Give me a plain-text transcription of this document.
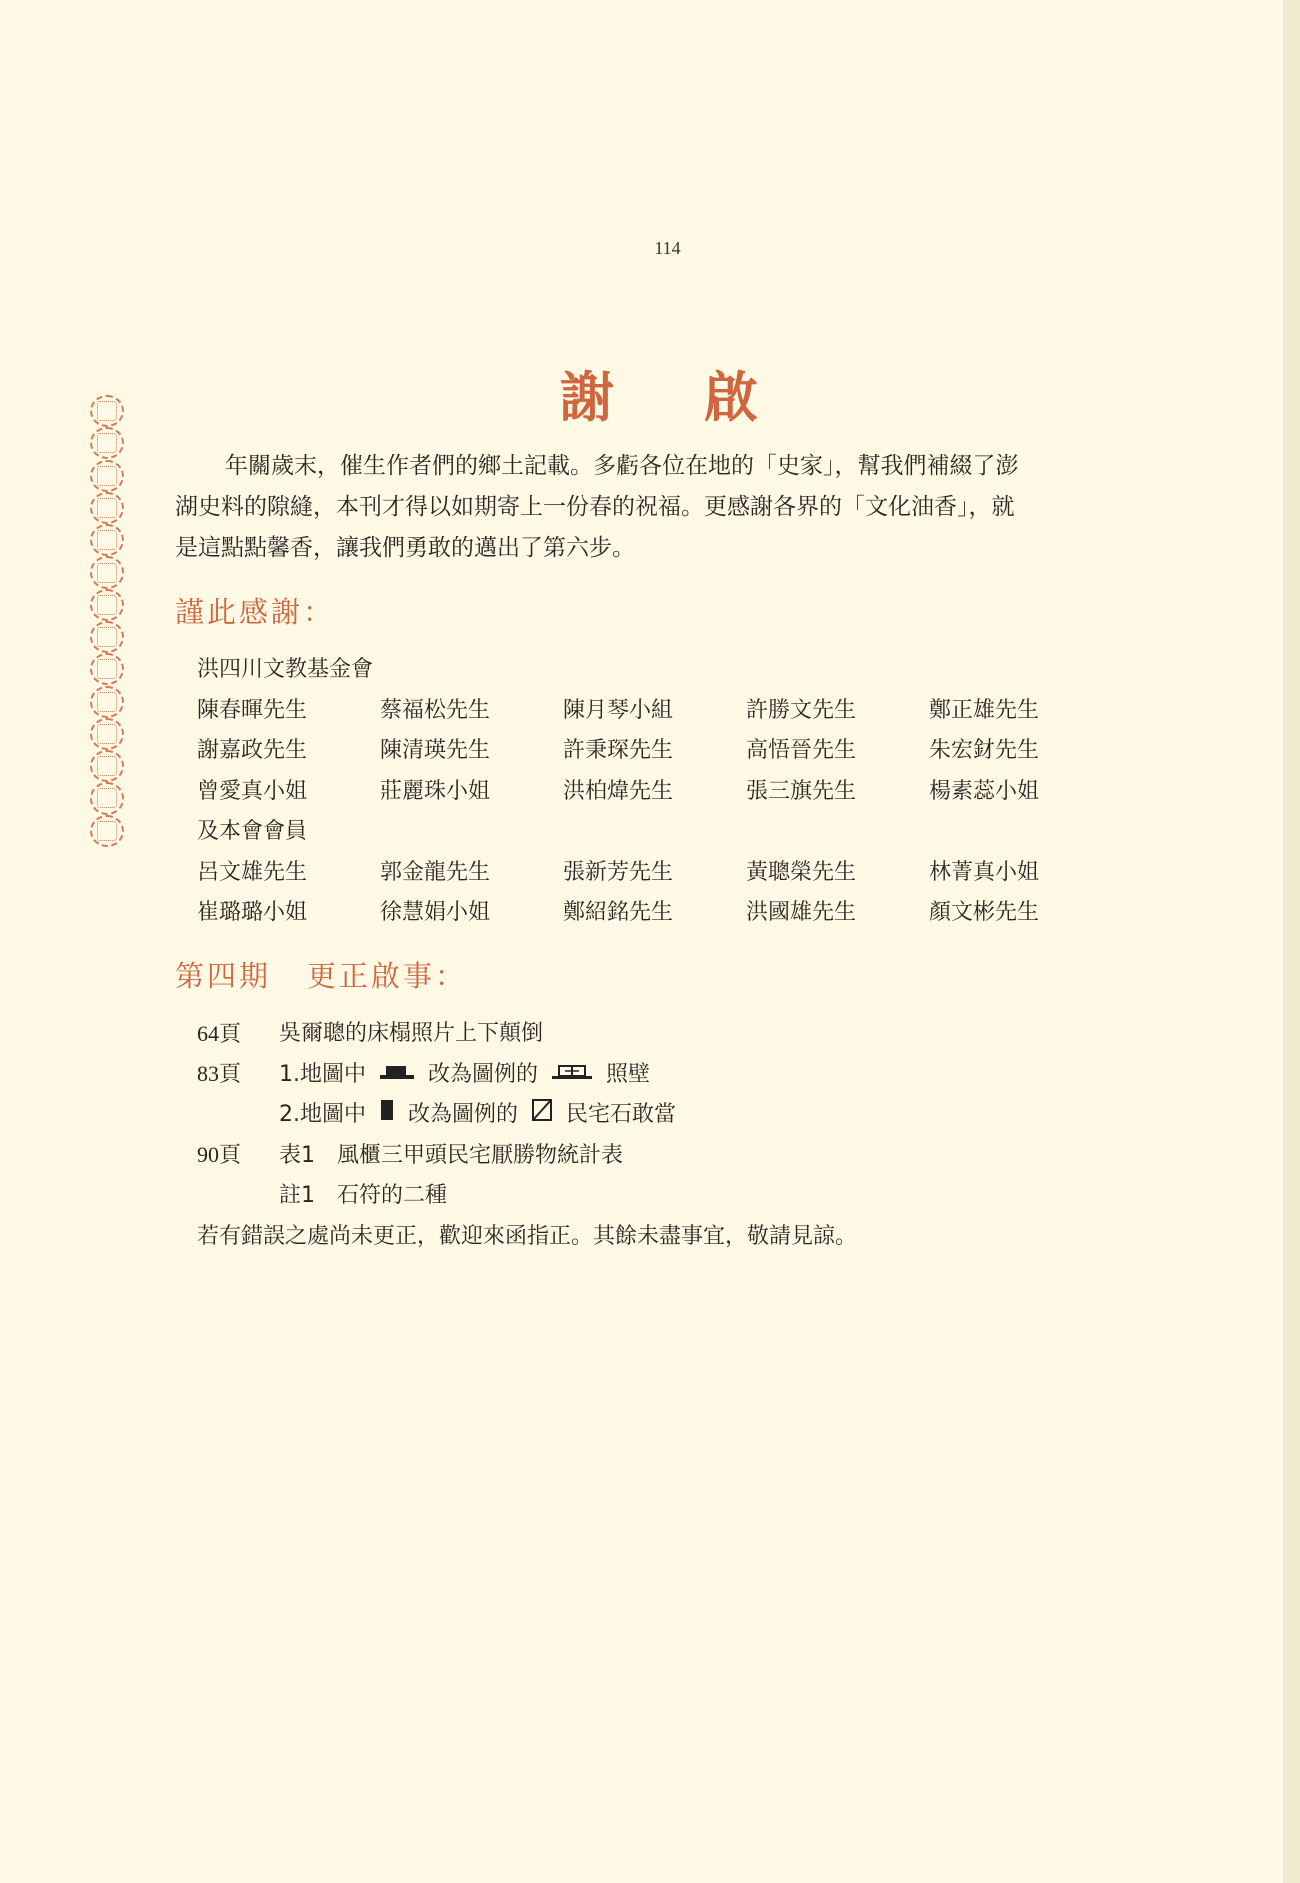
114
謝 啟

年關歲末，催生作者們的鄉土記載。多虧各位在地的「史家」，幫我們補綴了澎
湖史料的隙縫，本刊才得以如期寄上一份春的祝福。更感謝各界的「文化油香」，就
是這點點馨香，讓我們勇敢的邁出了第六步。

謹此感謝：
洪四川文教基金會
陳春暉先生	蔡福松先生	陳月琴小組	許勝文先生	鄭正雄先生
謝嘉政先生	陳清瑛先生	許秉琛先生	高悟晉先生	朱宏釮先生
曾愛真小姐	莊麗珠小姐	洪柏煒先生	張三旗先生	楊素蕊小姐
及本會會員
呂文雄先生	郭金龍先生	張新芳先生	黃聰榮先生	林菁真小姐
崔璐璐小姐	徐慧娟小姐	鄭紹銘先生	洪國雄先生	顏文彬先生
第四期 更正啟事：
64頁	吳爾聰的床榻照片上下顛倒
83頁	1.地圖中	改為圖例的	照壁
2.地圖中 改為圖例的 民宅石敢當
90頁	表1　風櫃三甲頭民宅厭勝物統計表
註1　石符的二種
若有錯誤之處尚未更正，歡迎來函指正。其餘未盡事宜，敬請見諒。
